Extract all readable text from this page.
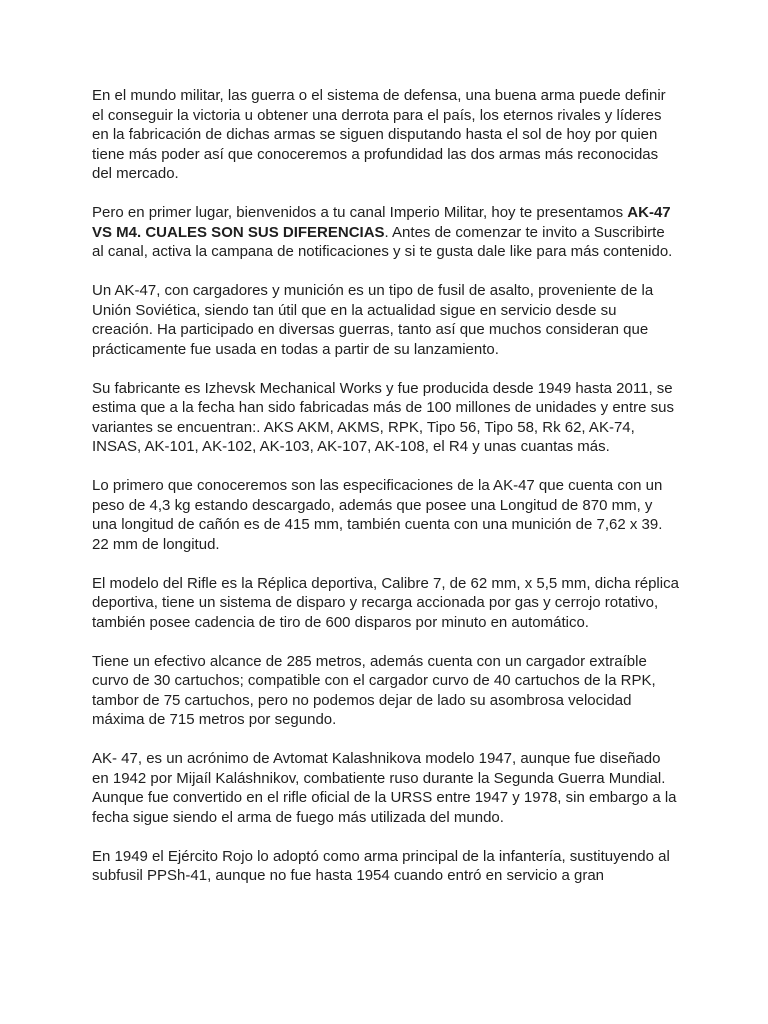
En el mundo militar, las guerra o el sistema de defensa, una buena arma puede definir el conseguir la victoria u obtener una derrota para el país, los eternos rivales y líderes en la fabricación de dichas armas se siguen disputando hasta el sol de hoy por quien tiene más poder así que conoceremos a profundidad las dos armas más reconocidas del mercado.

Pero en primer lugar, bienvenidos a tu canal Imperio Militar, hoy te presentamos AK-47 VS M4. CUALES SON SUS DIFERENCIAS. Antes de comenzar te invito a Suscribirte al canal, activa la campana de notificaciones y si te gusta dale like para más contenido.

Un AK-47, con cargadores y munición es un tipo de fusil de asalto, proveniente de la Unión Soviética, siendo tan útil que en la actualidad sigue en servicio desde su creación. Ha participado en diversas guerras, tanto así que muchos consideran que prácticamente fue usada en todas a partir de su lanzamiento.

Su fabricante es Izhevsk Mechanical Works y fue producida desde 1949 hasta 2011, se estima que a la fecha han sido fabricadas más de 100 millones de unidades y entre sus variantes se encuentran:. AKS AKM, AKMS, RPK, Tipo 56, Tipo 58, Rk 62, AK-74, INSAS, AK-101, AK-102, AK-103, AK-107, AK-108, el R4 y unas cuantas más.

Lo primero que conoceremos son las especificaciones de la AK-47 que cuenta con un peso de 4,3 kg estando descargado, además que posee una Longitud de 870 mm, y una longitud de cañón es de 415 mm, también cuenta con una munición de 7,62 x 39. 22 mm de longitud.

El modelo del Rifle es la Réplica deportiva, Calibre 7, de 62 mm, x 5,5 mm, dicha réplica deportiva, tiene un sistema de disparo y recarga accionada por gas y cerrojo rotativo, también posee cadencia de tiro de 600 disparos por minuto en automático.

Tiene un efectivo alcance de 285 metros, además cuenta con un cargador extraíble curvo de 30 cartuchos; compatible con el cargador curvo de 40 cartuchos de la RPK, tambor de 75 cartuchos, pero no podemos dejar de lado su asombrosa velocidad máxima de 715 metros por segundo.

AK- 47, es un acrónimo de Avtomat Kalashnikova modelo 1947, aunque fue diseñado en 1942 por Mijaíl Kaláshnikov, combatiente ruso durante la Segunda Guerra Mundial. Aunque fue convertido en el rifle oficial de la URSS entre 1947 y 1978, sin embargo a la fecha sigue siendo el arma de fuego más utilizada del mundo.

En 1949 el Ejército Rojo lo adoptó como arma principal de la infantería, sustituyendo al subfusil PPSh-41, aunque no fue hasta 1954 cuando entró en servicio a gran
